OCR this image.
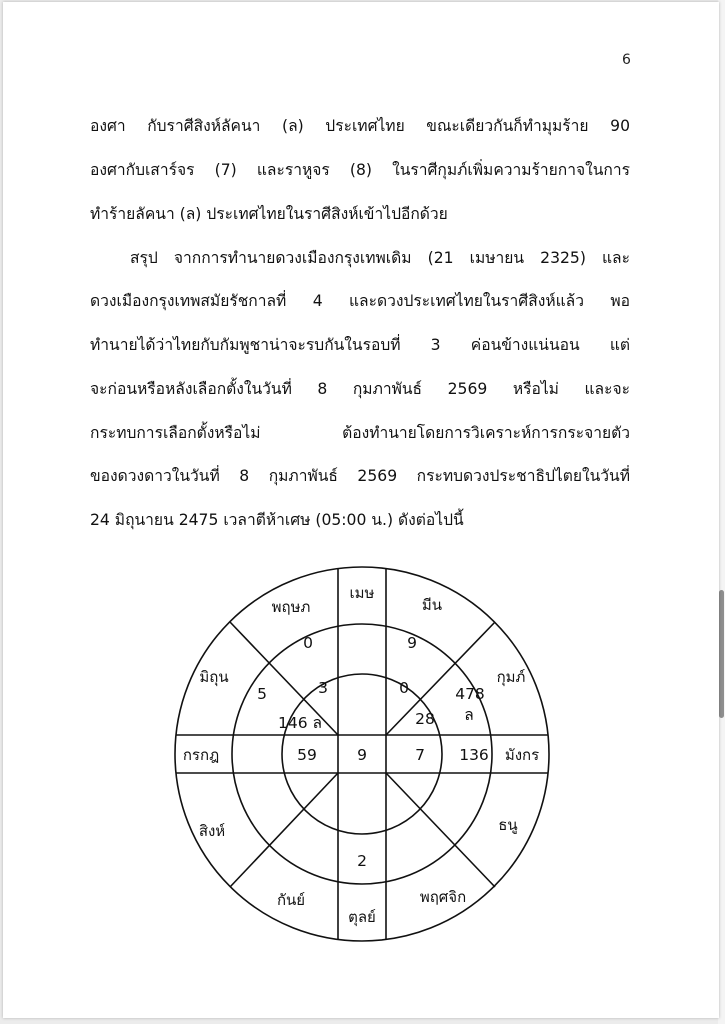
6
องศา กับราศีสิงห์ลัคนา (ล) ประเทศไทย ขณะเดียวกันก็ทำมุมร้าย 90
องศากับเสาร์จร (7) และราหูจร (8) ในราศีกุมภ์เพิ่มความร้ายกาจในการ
ทำร้ายลัคนา (ล) ประเทศไทยในราศีสิงห์เข้าไปอีกด้วย
สรุป จากการทำนายดวงเมืองกรุงเทพเดิม (21 เมษายน 2325) และ
ดวงเมืองกรุงเทพสมัยรัชกาลที่ 4 และดวงประเทศไทยในราศีสิงห์แล้ว พอ
ทำนายได้ว่าไทยกับกัมพูชาน่าจะรบกันในรอบที่ 3 ค่อนข้างแน่นอน แต่
จะก่อนหรือหลังเลือกตั้งในวันที่ 8 กุมภาพันธ์ 2569 หรือไม่ และจะ
กระทบการเลือกตั้งหรือไม่ ต้องทำนายโดยการวิเคราะห์การกระจายตัว
ของดวงดาวในวันที่ 8 กุมภาพันธ์ 2569 กระทบดวงประชาธิปไตยในวันที่
24 มิถุนายน 2475 เวลาตีห้าเศษ (05:00 น.) ดังต่อไปนี้
เมษ
พฤษภ
มิถุน
กรกฎ
สิงห์
กันย์
ตุลย์
พฤศจิก
ธนู
มังกร
กุมภ์
มีน
0	9
5	478
ล
59	136
2
3
146 ล
9
0
28
7
